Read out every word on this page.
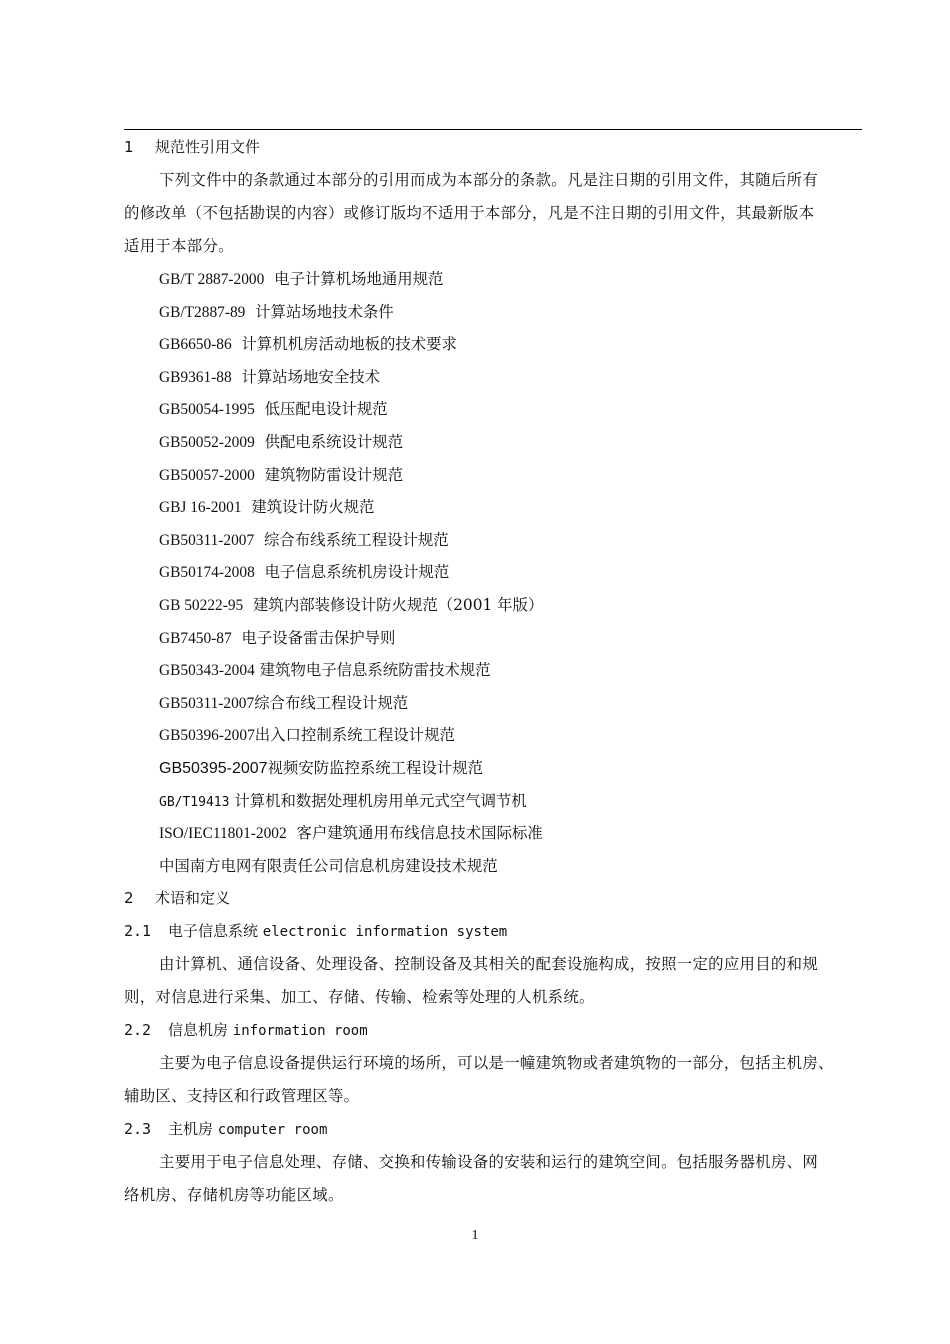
1 规范性引用文件
下列文件中的条款通过本部分的引用而成为本部分的条款。凡是注日期的引用文件，其随后所有
的修改单（不包括勘误的内容）或修订版均不适用于本部分，凡是不注日期的引用文件，其最新版本
适用于本部分。
GB/T 2887-2000 电子计算机场地通用规范
GB/T2887-89 计算站场地技术条件
GB6650-86 计算机机房活动地板的技术要求
GB9361-88 计算站场地安全技术
GB50054-1995 低压配电设计规范
GB50052-2009 供配电系统设计规范
GB50057-2000 建筑物防雷设计规范
GBJ 16-2001 建筑设计防火规范
GB50311-2007 综合布线系统工程设计规范
GB50174-2008 电子信息系统机房设计规范
GB 50222-95 建筑内部装修设计防火规范（2001 年版）
GB7450-87 电子设备雷击保护导则
GB50343-2004 建筑物电子信息系统防雷技术规范
GB50311-2007综合布线工程设计规范
GB50396-2007出入口控制系统工程设计规范
GB50395-2007视频安防监控系统工程设计规范
GB/T19413 计算机和数据处理机房用单元式空气调节机
ISO/IEC11801-2002 客户建筑通用布线信息技术国际标准
中国南方电网有限责任公司信息机房建设技术规范
2 术语和定义
2.1 电子信息系统 electronic information system
由计算机、通信设备、处理设备、控制设备及其相关的配套设施构成，按照一定的应用目的和规
则，对信息进行采集、加工、存储、传输、检索等处理的人机系统。
2.2 信息机房 information room
主要为电子信息设备提供运行环境的场所，可以是一幢建筑物或者建筑物的一部分，包括主机房、
辅助区、支持区和行政管理区等。
2.3 主机房 computer room
主要用于电子信息处理、存储、交换和传输设备的安装和运行的建筑空间。包括服务器机房、网
络机房、存储机房等功能区域。
1
